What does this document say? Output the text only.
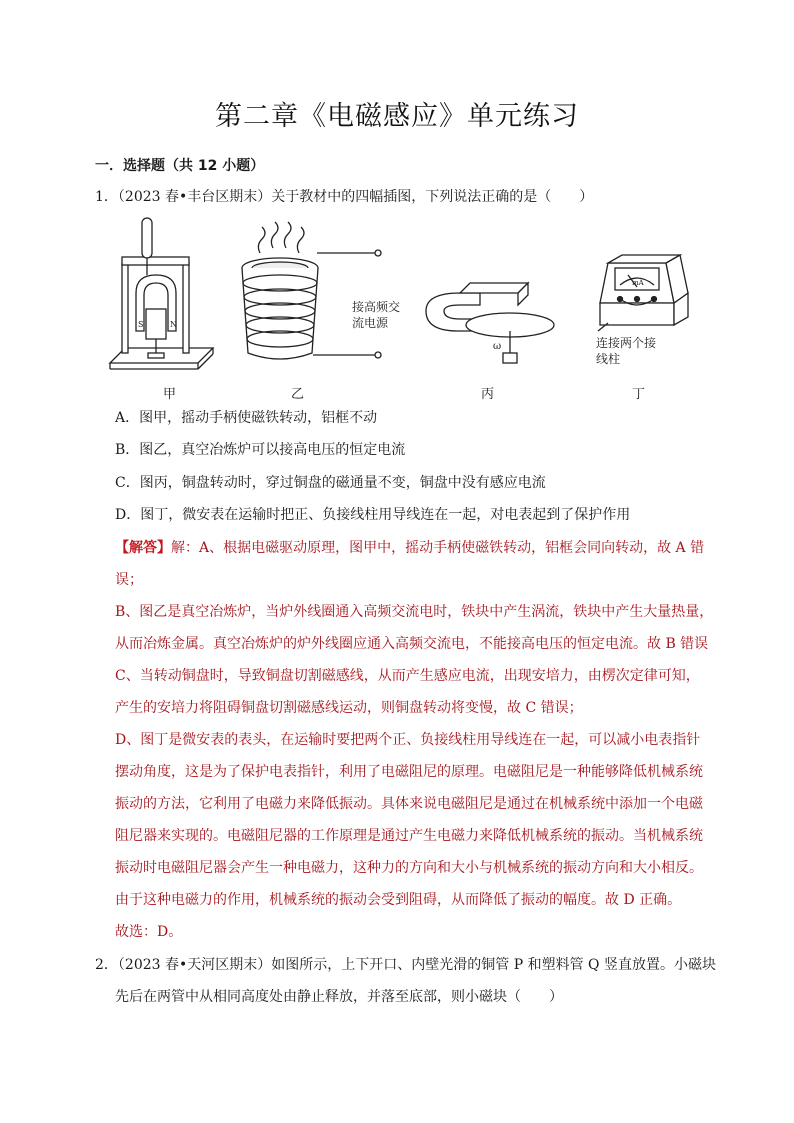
第二章《电磁感应》单元练习
一．选择题（共 12 小题）
1．（2023 春•丰台区期末）关于教材中的四幅插图，下列说法正确的是（　　）
S	N
接高频交
流电源
ω
mA
连接两个接
线柱
甲	乙	丙	丁
A．图甲，摇动手柄使磁铁转动，铝框不动
B．图乙，真空冶炼炉可以接高电压的恒定电流
C．图丙，铜盘转动时，穿过铜盘的磁通量不变，铜盘中没有感应电流
D．图丁，微安表在运输时把正、负接线柱用导线连在一起，对电表起到了保护作用
【解答】解：A、根据电磁驱动原理，图甲中，摇动手柄使磁铁转动，铝框会同向转动，故 A 错
误；
B、图乙是真空冶炼炉，当炉外线圈通入高频交流电时，铁块中产生涡流，铁块中产生大量热量，
从而冶炼金属。真空冶炼炉的炉外线圈应通入高频交流电，不能接高电压的恒定电流。故 B 错误
C、当转动铜盘时，导致铜盘切割磁感线，从而产生感应电流，出现安培力，由楞次定律可知，
产生的安培力将阻碍铜盘切割磁感线运动，则铜盘转动将变慢，故 C 错误；
D、图丁是微安表的表头，在运输时要把两个正、负接线柱用导线连在一起，可以减小电表指针
摆动角度，这是为了保护电表指针，利用了电磁阻尼的原理。电磁阻尼是一种能够降低机械系统
振动的方法，它利用了电磁力来降低振动。具体来说电磁阻尼是通过在机械系统中添加一个电磁
阻尼器来实现的。电磁阻尼器的工作原理是通过产生电磁力来降低机械系统的振动。当机械系统
振动时电磁阻尼器会产生一种电磁力，这种力的方向和大小与机械系统的振动方向和大小相反。
由于这种电磁力的作用，机械系统的振动会受到阻碍，从而降低了振动的幅度。故 D 正确。
故选：D。
2．（2023 春•天河区期末）如图所示，上下开口、内壁光滑的铜管 P 和塑料管 Q 竖直放置。小磁块
先后在两管中从相同高度处由静止释放，并落至底部，则小磁块（　　）
